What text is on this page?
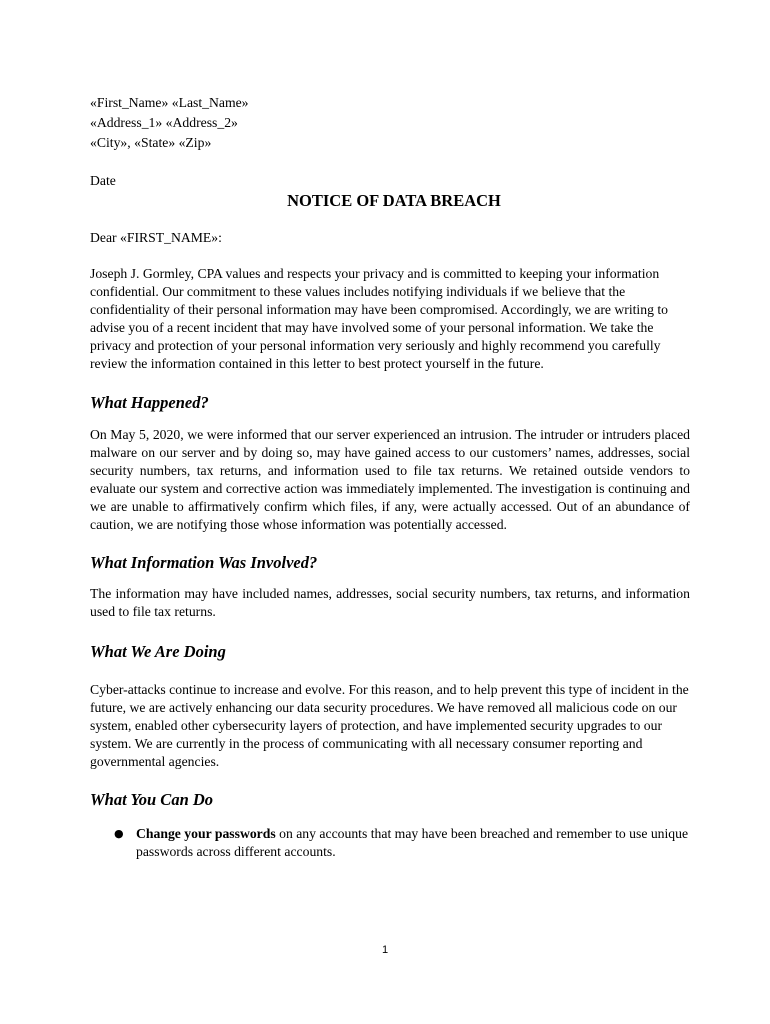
«First_Name» «Last_Name»
«Address_1» «Address_2»
«City», «State» «Zip»
Date
NOTICE OF DATA BREACH
Dear «FIRST_NAME»:
Joseph J. Gormley, CPA values and respects your privacy and is committed to keeping your information confidential. Our commitment to these values includes notifying individuals if we believe that the confidentiality of their personal information may have been compromised. Accordingly, we are writing to advise you of a recent incident that may have involved some of your personal information. We take the privacy and protection of your personal information very seriously and highly recommend you carefully review the information contained in this letter to best protect yourself in the future.
What Happened?
On May 5, 2020, we were informed that our server experienced an intrusion. The intruder or intruders placed malware on our server and by doing so, may have gained access to our customers’ names, addresses, social security numbers, tax returns, and information used to file tax returns. We retained outside vendors to evaluate our system and corrective action was immediately implemented. The investigation is continuing and we are unable to affirmatively confirm which files, if any, were actually accessed. Out of an abundance of caution, we are notifying those whose information was potentially accessed.
What Information Was Involved?
The information may have included names, addresses, social security numbers, tax returns, and information used to file tax returns.
What We Are Doing
Cyber-attacks continue to increase and evolve. For this reason, and to help prevent this type of incident in the future, we are actively enhancing our data security procedures. We have removed all malicious code on our system, enabled other cybersecurity layers of protection, and have implemented security upgrades to our system. We are currently in the process of communicating with all necessary consumer reporting and governmental agencies.
What You Can Do
● Change your passwords on any accounts that may have been breached and remember to use unique passwords across different accounts.
1
